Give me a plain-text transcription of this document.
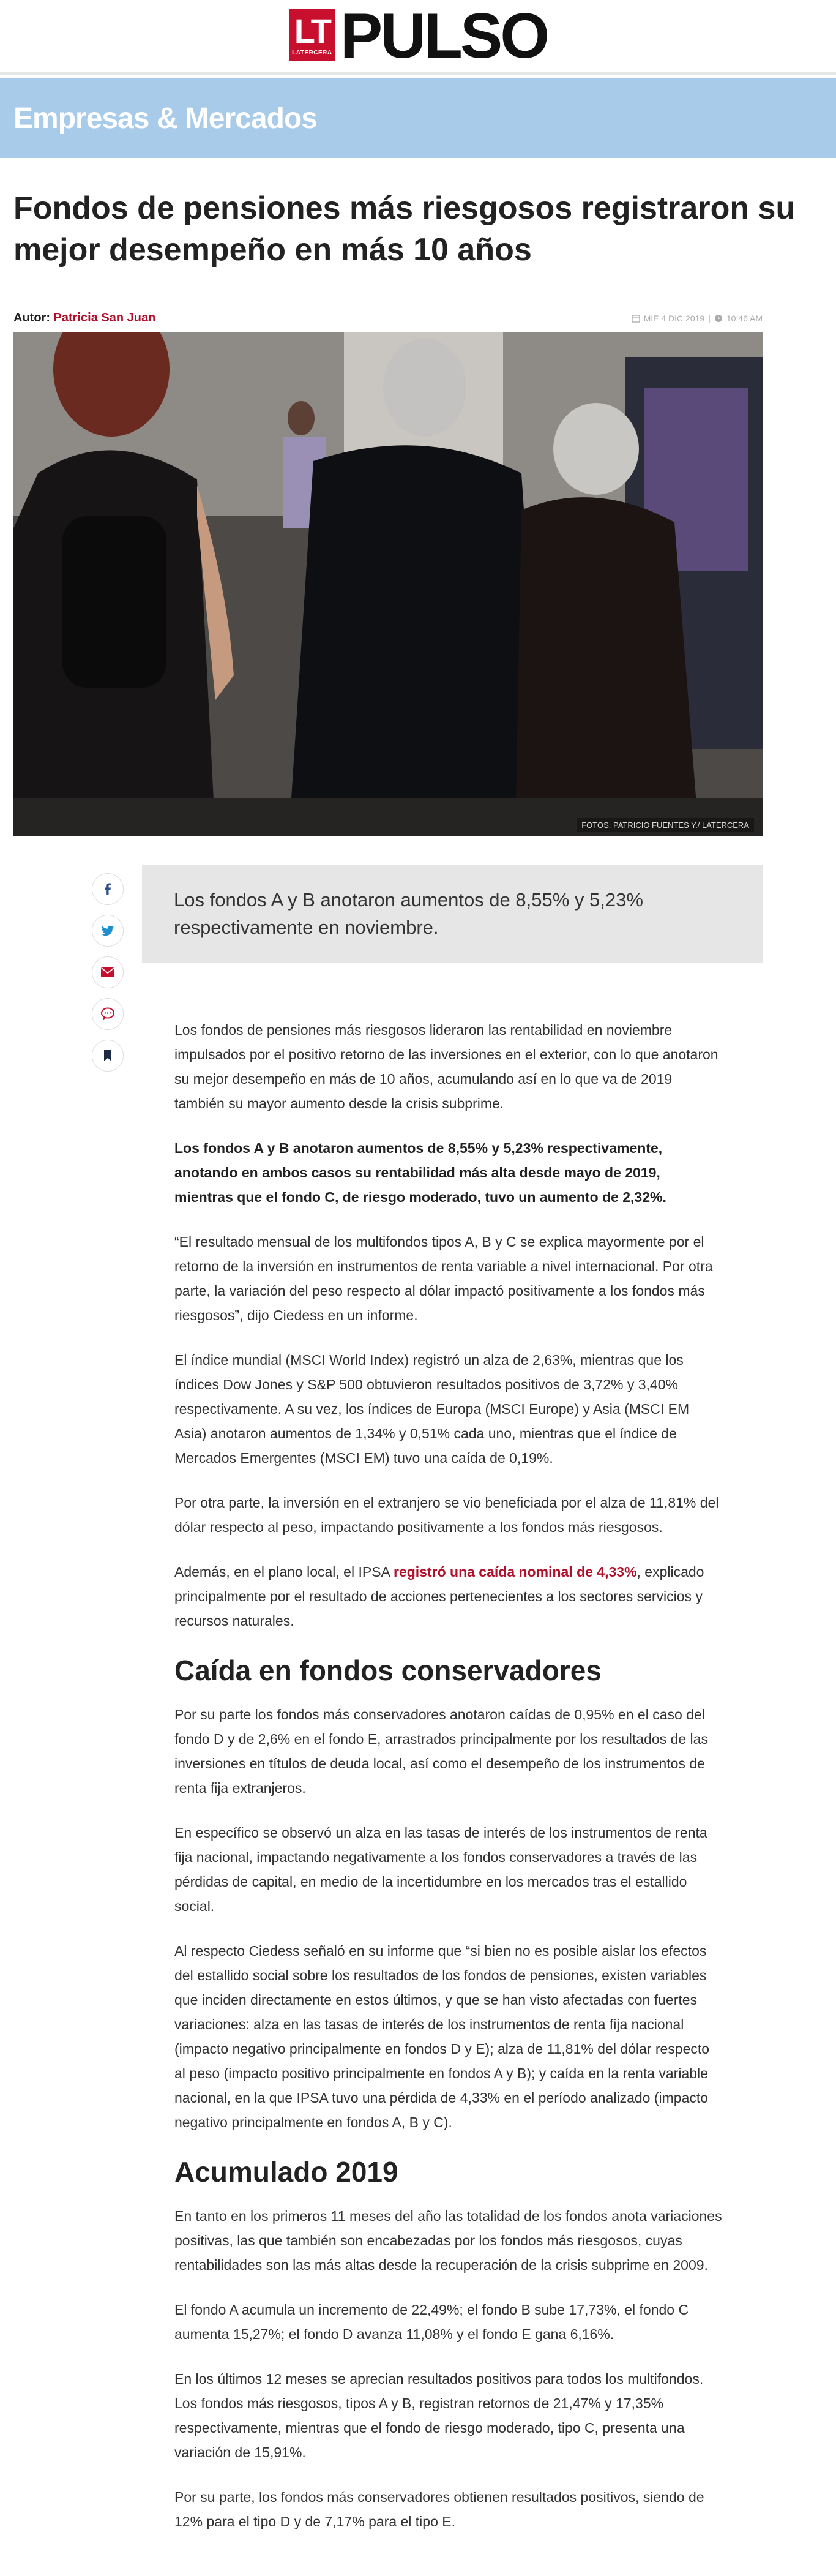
LT
LATERCERA PULSO
Empresas & Mercados
Fondos de pensiones más riesgosos registraron su mejor desempeño en más 10 años
Autor: Patricia San Juan	MIE 4 DIC 2019 | 10:46 AM
FOTOS: PATRICIO FUENTES Y./ LATERCERA

Los fondos A y B anotaron aumentos de 8,55% y 5,23% respectivamente en noviembre.

Los fondos de pensiones más riesgosos lideraron las rentabilidad en noviembre impulsados por el positivo retorno de las inversiones en el exterior, con lo que anotaron su mejor desempeño en más de 10 años, acumulando así en lo que va de 2019 también su mayor aumento desde la crisis subprime.

Los fondos A y B anotaron aumentos de 8,55% y 5,23% respectivamente, anotando en ambos casos su rentabilidad más alta desde mayo de 2019, mientras que el fondo C, de riesgo moderado, tuvo un aumento de 2,32%.

“El resultado mensual de los multifondos tipos A, B y C se explica mayormente por el retorno de la inversión en instrumentos de renta variable a nivel internacional. Por otra parte, la variación del peso respecto al dólar impactó positivamente a los fondos más riesgosos”, dijo Ciedess en un informe.

El índice mundial (MSCI World Index) registró un alza de 2,63%, mientras que los índices Dow Jones y S&P 500 obtuvieron resultados positivos de 3,72% y 3,40% respectivamente. A su vez, los índices de Europa (MSCI Europe) y Asia (MSCI EM Asia) anotaron aumentos de 1,34% y 0,51% cada uno, mientras que el índice de Mercados Emergentes (MSCI EM) tuvo una caída de 0,19%.

Por otra parte, la inversión en el extranjero se vio beneficiada por el alza de 11,81% del dólar respecto al peso, impactando positivamente a los fondos más riesgosos.

Además, en el plano local, el IPSA registró una caída nominal de 4,33%, explicado principalmente por el resultado de acciones pertenecientes a los sectores servicios y recursos naturales.

Caída en fondos conservadores

Por su parte los fondos más conservadores anotaron caídas de 0,95% en el caso del fondo D y de 2,6% en el fondo E, arrastrados principalmente por los resultados de las inversiones en títulos de deuda local, así como el desempeño de los instrumentos de renta fija extranjeros.

En específico se observó un alza en las tasas de interés de los instrumentos de renta fija nacional, impactando negativamente a los fondos conservadores a través de las pérdidas de capital, en medio de la incertidumbre en los mercados tras el estallido social.

Al respecto Ciedess señaló en su informe que “si bien no es posible aislar los efectos del estallido social sobre los resultados de los fondos de pensiones, existen variables que inciden directamente en estos últimos, y que se han visto afectadas con fuertes variaciones: alza en las tasas de interés de los instrumentos de renta fija nacional (impacto negativo principalmente en fondos D y E); alza de 11,81% del dólar respecto al peso (impacto positivo principalmente en fondos A y B); y caída en la renta variable nacional, en la que IPSA tuvo una pérdida de 4,33% en el período analizado (impacto negativo principalmente en fondos A, B y C).

Acumulado 2019

En tanto en los primeros 11 meses del año las totalidad de los fondos anota variaciones positivas, las que también son encabezadas por los fondos más riesgosos, cuyas rentabilidades son las más altas desde la recuperación de la crisis subprime en 2009.

El fondo A acumula un incremento de 22,49%; el fondo B sube 17,73%, el fondo C aumenta 15,27%; el fondo D avanza 11,08% y el fondo E gana 6,16%.

En los últimos 12 meses se aprecian resultados positivos para todos los multifondos. Los fondos más riesgosos, tipos A y B, registran retornos de 21,47% y 17,35% respectivamente, mientras que el fondo de riesgo moderado, tipo C, presenta una variación de 15,91%.

Por su parte, los fondos más conservadores obtienen resultados positivos, siendo de 12% para el tipo D y de 7,17% para el tipo E.
